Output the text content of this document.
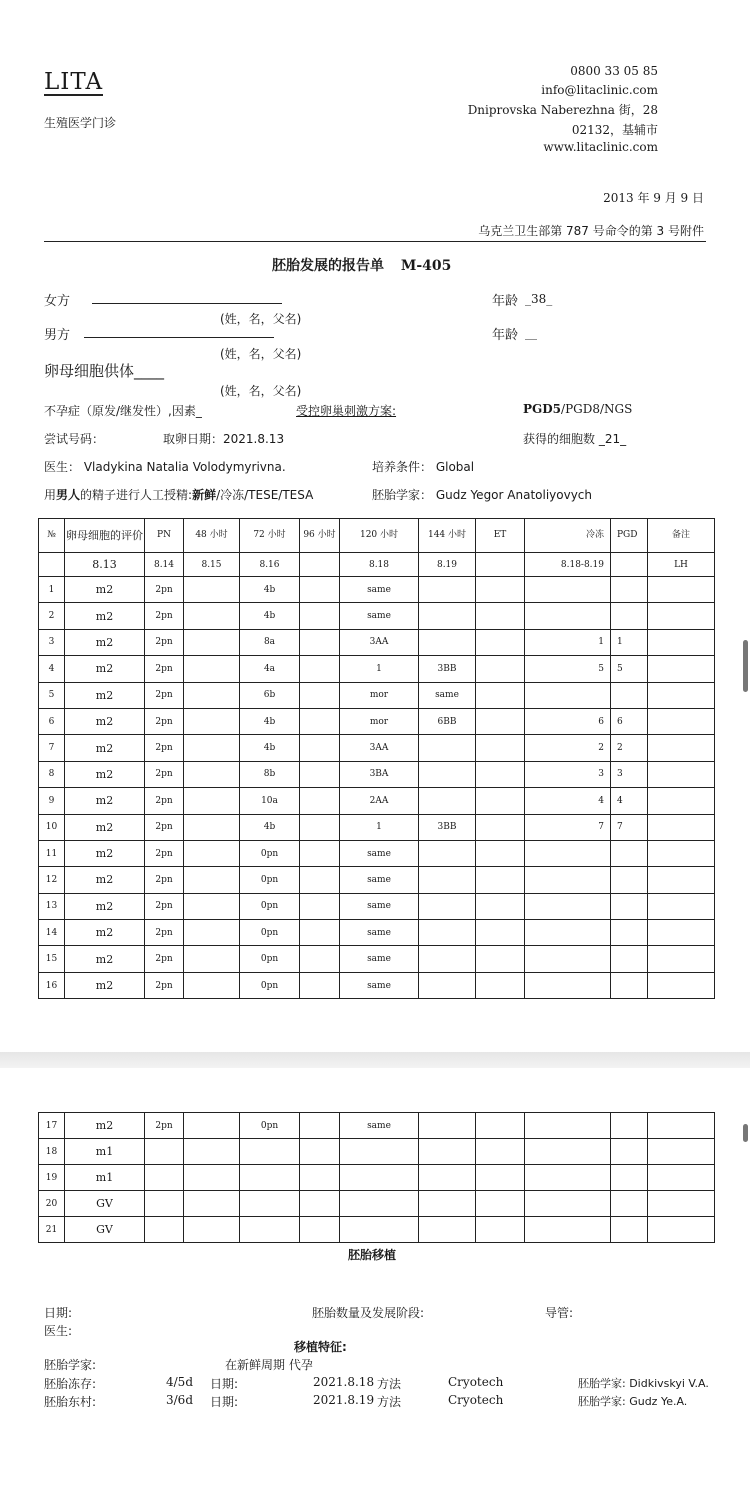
LITA
生殖医学门诊
0800 33 05 85
info@litaclinic.com
Dniprovska Naberezhna 街，28
02132，基辅市
www.litaclinic.com
2013 年 9 月 9 日
乌克兰卫生部第 787 号命令的第 3 号附件
胚胎发展的报告单 M-405
女方
(姓，名，父名)
年龄 _38_
男方
(姓，名，父名)
年龄 __
卵母细胞供体____
(姓，名，父名)
不孕症（原发/继发性）,因素_	受控卵巢刺激方案:	PGD5/PGD8/NGS
尝试号码：	取卵日期：2021.8.13	获得的细胞数 _21_
医生： Vladykina Natalia Volodymyrivna.	培养条件： Global
用男人的精子进行人工授精:新鲜/冷冻/TESE/TESA	胚胎学家： Gudz Yegor Anatoliyovych
№	卵母细胞的评价	PN	48 小时	72 小时	96 小时	120 小时	144 小时	ET	冷冻	PGD	备注
	8.13	8.14	8.15	8.16		8.18	8.19		8.18-8.19		LH
1	m2	2pn		4b		same					
2	m2	2pn		4b		same					
3	m2	2pn		8a		3AA			1	1	
4	m2	2pn		4a		1	3BB		5	5	
5	m2	2pn		6b		mor	same				
6	m2	2pn		4b		mor	6BB		6	6	
7	m2	2pn		4b		3AA			2	2	
8	m2	2pn		8b		3BA			3	3	
9	m2	2pn		10a		2AA			4	4	
10	m2	2pn		4b		1	3BB		7	7	
11	m2	2pn		0pn		same					
12	m2	2pn		0pn		same					
13	m2	2pn		0pn		same					
14	m2	2pn		0pn		same					
15	m2	2pn		0pn		same					
16	m2	2pn		0pn		same					
17	m2	2pn		0pn		same					
18	m1										
19	m1										
20	GV										
21	GV										
胚胎移植
日期:
医生:
胚胎数量及发展阶段:	导管:
移植特征:
胚胎学家:	在新鲜周期 代孕
胚胎冻存:	4/5d 日期:	2021.8.18 方法	Cryotech	胚胎学家: Didkivskyi V.A.
胚胎东村:	3/6d 日期:	2021.8.19 方法	Cryotech	胚胎学家: Gudz Ye.A.
